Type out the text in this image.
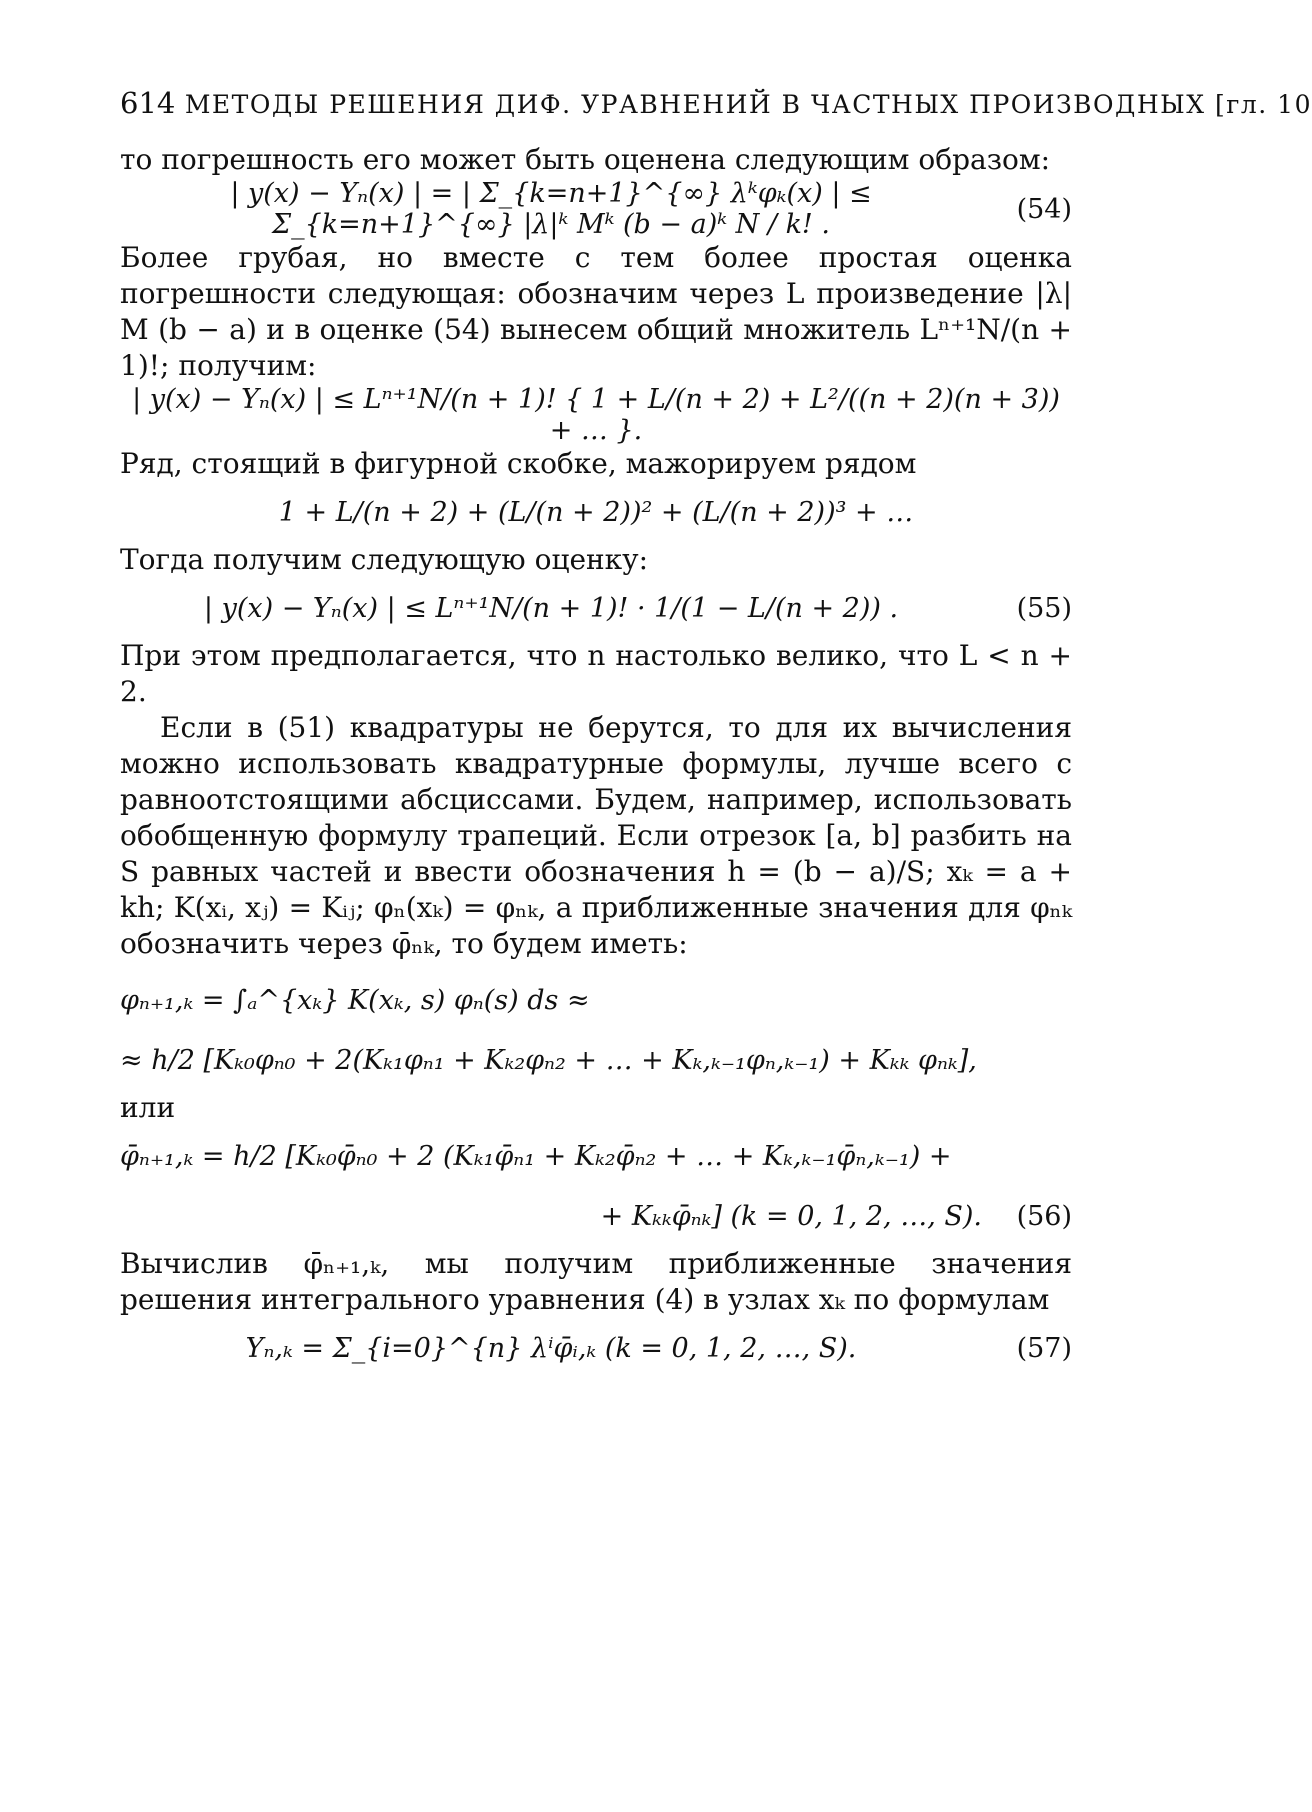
614 МЕТОДЫ РЕШЕНИЯ ДИФ. УРАВНЕНИЙ В ЧАСТНЫХ ПРОИЗВОДНЫХ [гл. 10

то погрешность его может быть оценена следующим образом:

| y(x) − Yₙ(x) | = | Σ_{k=n+1}^{∞} λᵏφₖ(x) | ≤ Σ_{k=n+1}^{∞} |λ|ᵏ Mᵏ (b − a)ᵏ N / k! .	(54)

Более грубая, но вместе с тем более простая оценка погрешности следующая: обозначим через L произведение |λ| M (b − a) и в оценке (54) вынесем общий множитель Lⁿ⁺¹N/(n + 1)!; получим:

| y(x) − Yₙ(x) | ≤ Lⁿ⁺¹N/(n + 1)! { 1 + L/(n + 2) + L²/((n + 2)(n + 3)) + … }.

Ряд, стоящий в фигурной скобке, мажорируем рядом

1 + L/(n + 2) + (L/(n + 2))² + (L/(n + 2))³ + …

Тогда получим следующую оценку:

| y(x) − Yₙ(x) | ≤ Lⁿ⁺¹N/(n + 1)! · 1/(1 − L/(n + 2)) .	(55)

При этом предполагается, что n настолько велико, что L < n + 2.

Если в (51) квадратуры не берутся, то для их вычисления можно использовать квадратурные формулы, лучше всего с равноотстоящими абсциссами. Будем, например, использовать обобщенную формулу трапеций. Если отрезок [a, b] разбить на S равных частей и ввести обозначения h = (b − a)/S; xₖ = a + kh; K(xᵢ, xⱼ) = Kᵢⱼ; φₙ(xₖ) = φₙₖ, а приближенные значения для φₙₖ обозначить через φ̄ₙₖ, то будем иметь:

φₙ₊₁,ₖ = ∫ₐ^{xₖ} K(xₖ, s) φₙ(s) ds ≈
≈ h/2 [Kₖ₀φₙ₀ + 2(Kₖ₁φₙ₁ + Kₖ₂φₙ₂ + … + Kₖ,ₖ₋₁φₙ,ₖ₋₁) + Kₖₖ φₙₖ],

или

φ̄ₙ₊₁,ₖ = h/2 [Kₖ₀φ̄ₙ₀ + 2 (Kₖ₁φ̄ₙ₁ + Kₖ₂φ̄ₙ₂ + … + Kₖ,ₖ₋₁φ̄ₙ,ₖ₋₁) +
+ Kₖₖφ̄ₙₖ] (k = 0, 1, 2, …, S).	(56)

Вычислив φ̄ₙ₊₁,ₖ, мы получим приближенные значения решения интегрального уравнения (4) в узлах xₖ по формулам

Yₙ,ₖ = Σ_{i=0}^{n} λⁱφ̄ᵢ,ₖ (k = 0, 1, 2, …, S).	(57)
